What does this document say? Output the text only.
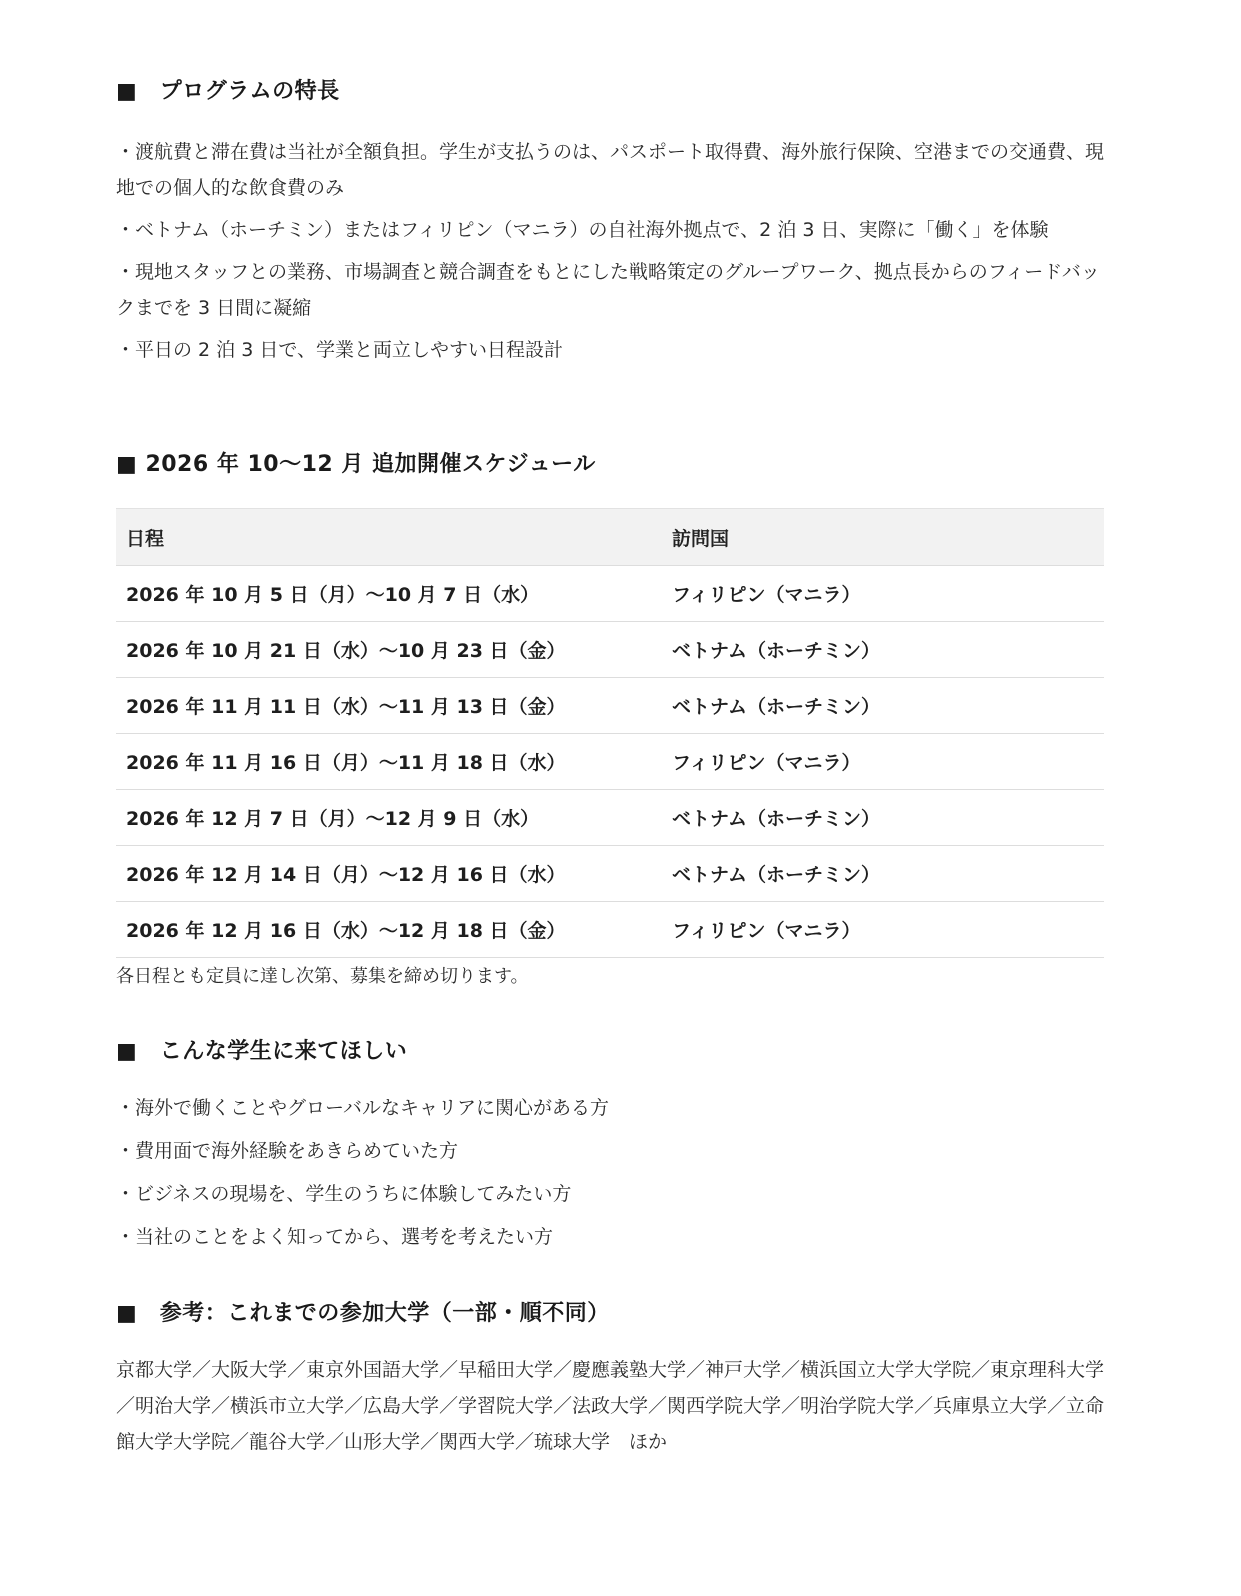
■　プログラムの特長

・渡航費と滞在費は当社が全額負担。学生が支払うのは、パスポート取得費、海外旅行保険、空港までの交通費、現地での個人的な飲食費のみ

・ベトナム（ホーチミン）またはフィリピン（マニラ）の自社海外拠点で、2 泊 3 日、実際に「働く」を体験

・現地スタッフとの業務、市場調査と競合調査をもとにした戦略策定のグループワーク、拠点長からのフィードバックまでを 3 日間に凝縮

・平日の 2 泊 3 日で、学業と両立しやすい日程設計

■ 2026 年 10〜12 月 追加開催スケジュール
日程	訪問国
2026 年 10 月 5 日（月）〜10 月 7 日（水）	フィリピン（マニラ）
2026 年 10 月 21 日（水）〜10 月 23 日（金）	ベトナム（ホーチミン）
2026 年 11 月 11 日（水）〜11 月 13 日（金）	ベトナム（ホーチミン）
2026 年 11 月 16 日（月）〜11 月 18 日（水）	フィリピン（マニラ）
2026 年 12 月 7 日（月）〜12 月 9 日（水）	ベトナム（ホーチミン）
2026 年 12 月 14 日（月）〜12 月 16 日（水）	ベトナム（ホーチミン）
2026 年 12 月 16 日（水）〜12 月 18 日（金）	フィリピン（マニラ）
各日程とも定員に達し次第、募集を締め切ります。
■　こんな学生に来てほしい

・海外で働くことやグローバルなキャリアに関心がある方

・費用面で海外経験をあきらめていた方

・ビジネスの現場を、学生のうちに体験してみたい方

・当社のことをよく知ってから、選考を考えたい方

■　参考：これまでの参加大学（一部・順不同）
京都大学／大阪大学／東京外国語大学／早稲田大学／慶應義塾大学／神戸大学／横浜国立大学大学院／東京理科大学／明治大学／横浜市立大学／広島大学／学習院大学／法政大学／関西学院大学／明治学院大学／兵庫県立大学／立命館大学大学院／龍谷大学／山形大学／関西大学／琉球大学　ほか
